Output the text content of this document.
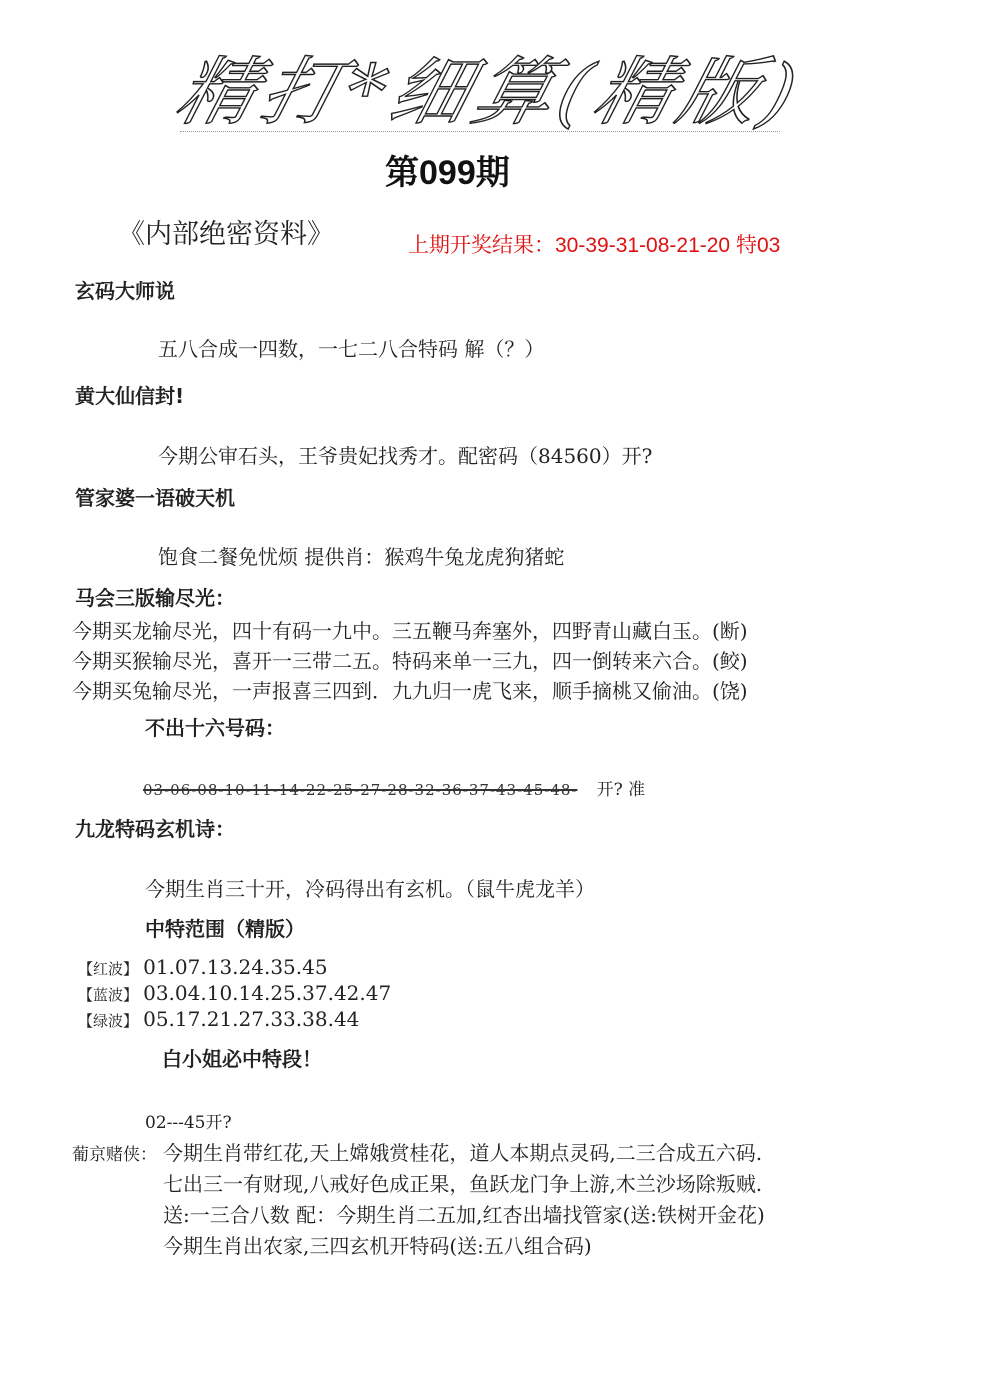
精打*细算(精版)
第099期
《内部绝密资料》	上期开奖结果：30-39-31-08-21-20 特03
玄码大师说
五八合成一四数，一七二八合特码 解（？）
黄大仙信封!
今期公审石头，王爷贵妃找秀才。配密码（84560）开?
管家婆一语破天机
饱食二餐免忧烦 提供肖：猴鸡牛兔龙虎狗猪蛇
马会三版输尽光：
今期买龙输尽光，四十有码一九中。三五鞭马奔塞外，四野青山藏白玉。(断)
今期买猴输尽光，喜开一三带二五。特码来单一三九，四一倒转来六合。(鲛)
今期买兔输尽光，一声报喜三四到．九九归一虎飞来，顺手摘桃又偷油。(饶)
不出十六号码：
03-06-08-10-11-14-22-25-27-28-32-36-37-43-45-48- 开? 准
九龙特码玄机诗：
今期生肖三十开，冷码得出有玄机。（鼠牛虎龙羊）
中特范围（精版）
【红波】 01.07.13.24.35.45
【蓝波】 03.04.10.14.25.37.42.47
【绿波】 05.17.21.27.33.38.44
白小姐必中特段！
02---45开?
葡京赌侠： 今期生肖带红花,天上嫦娥赏桂花，道人本期点灵码,二三合成五六码.
七出三一有财现,八戒好色成正果，鱼跃龙门争上游,木兰沙场除叛贼.
送:一三合八数 配：今期生肖二五加,红杏出墙找管家(送:铁树开金花)
今期生肖出农家,三四玄机开特码(送:五八组合码)
